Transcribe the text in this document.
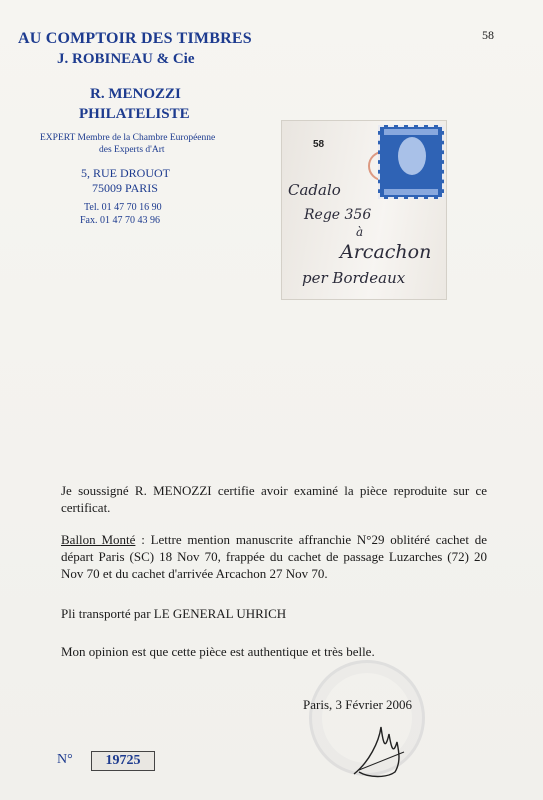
AU COMPTOIR DES TIMBRES
J. ROBINEAU & Cie
58
R. MENOZZI
PHILATELISTE
EXPERT Membre de la Chambre Européenne
des Experts d'Art
5, RUE DROUOT
75009 PARIS
Tel. 01 47 70 16 90
Fax. 01 47 70 43 96
58
Cadalo
Rege 356
à
Arcachon
per Bordeaux
Je soussigné R. MENOZZI certifie avoir examiné la pièce reproduite sur ce certificat.
Ballon Monté : Lettre mention manuscrite affranchie N°29 oblitéré cachet de départ Paris (SC) 18 Nov 70, frappée du cachet de passage Luzarches (72) 20 Nov 70 et du cachet d'arrivée Arcachon 27 Nov 70.
Pli transporté par LE GENERAL UHRICH
Mon opinion est que cette pièce est authentique et très belle.
Paris, 3 Février 2006
N°	19725
